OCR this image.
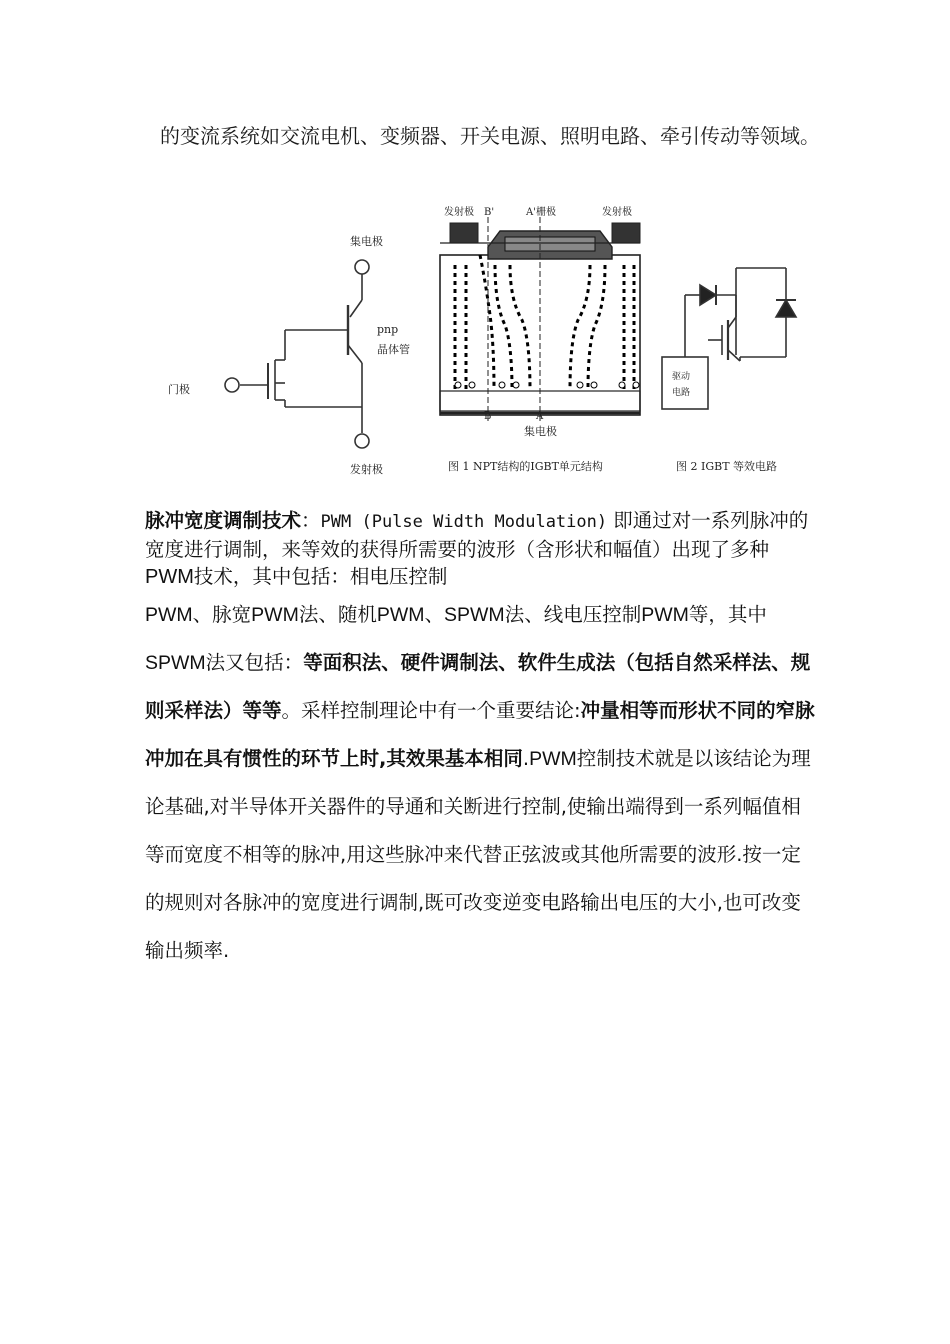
的变流系统如交流电机、变频器、开关电源、照明电路、牵引传动等领域。
集电极
pnp
晶体管
门极
发射极
发射极 B'	A'栅极	发射极
B	A
集电极
图 1 NPT结构的IGBT单元结构
驱动
电路
图 2 IGBT 等效电路

脉冲宽度调制技术：PWM (Pulse Width Modulation) 即通过对一系列脉冲的宽度进行调制，来等效的获得所需要的波形（含形状和幅值）出现了多种PWM技术，其中包括：相电压控制

PWM、脉宽PWM法、随机PWM、SPWM法、线电压控制PWM等，其中SPWM法又包括：等面积法、硬件调制法、软件生成法（包括自然采样法、规则采样法）等等。采样控制理论中有一个重要结论:冲量相等而形状不同的窄脉冲加在具有惯性的环节上时,其效果基本相同.PWM控制技术就是以该结论为理论基础,对半导体开关器件的导通和关断进行控制,使输出端得到一系列幅值相等而宽度不相等的脉冲,用这些脉冲来代替正弦波或其他所需要的波形.按一定的规则对各脉冲的宽度进行调制,既可改变逆变电路输出电压的大小,也可改变输出频率.
